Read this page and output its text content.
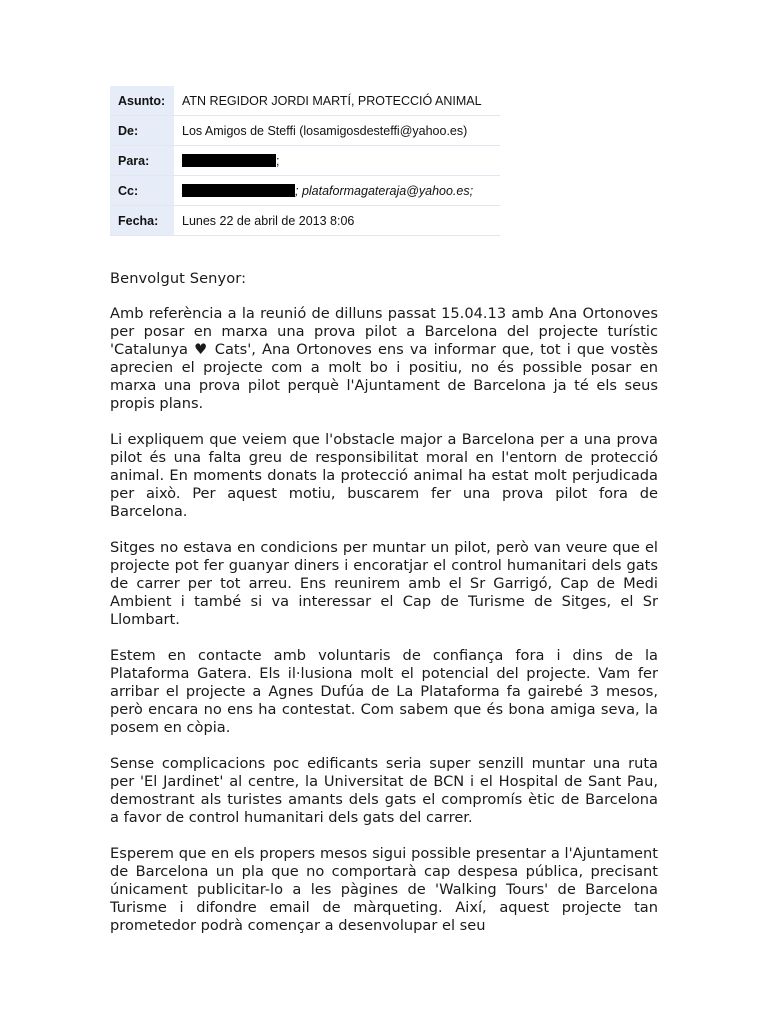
Asunto:	ATN REGIDOR JORDI MARTÍ, PROTECCIÓ ANIMAL
De:	Los Amigos de Steffi (losamigosdesteffi@yahoo.es)
Para:	;
Cc:	; plataformagateraja@yahoo.es;
Fecha:	Lunes 22 de abril de 2013 8:06

Benvolgut Senyor:

Amb referència a la reunió de dilluns passat 15.04.13 amb Ana Ortonoves per posar en marxa una prova pilot a Barcelona del projecte turístic 'Catalunya ♥ Cats', Ana Ortonoves ens va informar que, tot i que vostès aprecien el projecte com a molt bo i positiu, no és possible posar en marxa una prova pilot perquè l'Ajuntament de Barcelona ja té els seus propis plans.

Li expliquem que veiem que l'obstacle major a Barcelona per a una prova pilot és una falta greu de responsibilitat moral en l'entorn de protecció animal. En moments donats la protecció animal ha estat molt perjudicada per això. Per aquest motiu, buscarem fer una prova pilot fora de Barcelona.

Sitges no estava en condicions per muntar un pilot, però van veure que el projecte pot fer guanyar diners i encoratjar el control humanitari dels gats de carrer per tot arreu. Ens reunirem amb el Sr Garrigó, Cap de Medi Ambient i també si va interessar el Cap de Turisme de Sitges, el Sr Llombart.

Estem en contacte amb voluntaris de confiança fora i dins de la Plataforma Gatera. Els il·lusiona molt el potencial del projecte. Vam fer arribar el projecte a Agnes Dufúa de La Plataforma fa gairebé 3 mesos, però encara no ens ha contestat. Com sabem que és bona amiga seva, la posem en còpia.

Sense complicacions poc edificants seria super senzill muntar una ruta per 'El Jardinet' al centre, la Universitat de BCN i el Hospital de Sant Pau, demostrant als turistes amants dels gats el compromís ètic de Barcelona a favor de control humanitari dels gats del carrer.

Esperem que en els propers mesos sigui possible presentar a l'Ajuntament de Barcelona un pla que no comportarà cap despesa pública, precisant únicament publicitar-lo a les pàgines de 'Walking Tours' de Barcelona Turisme i difondre email de màrqueting. Així, aquest projecte tan prometedor podrà començar a desenvolupar el seu
